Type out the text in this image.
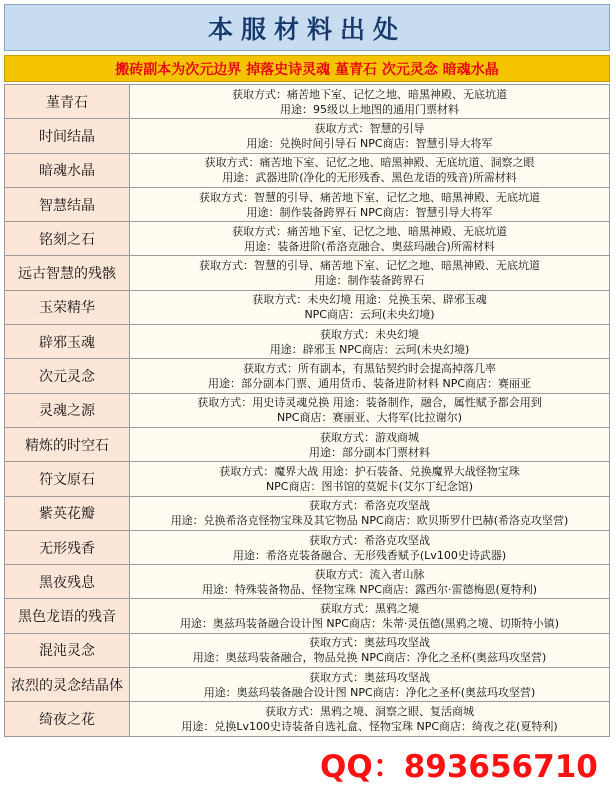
本服材料出处
搬砖副本为次元边界 掉落史诗灵魂 堇青石 次元灵念 暗魂水晶
堇青石
获取方式：痛苦地下室、记忆之地、暗黑神殿、无底坑道
用途：95级以上地图的通用门票材料
时间结晶
获取方式：智慧的引导
用途：兑换时间引导石 NPC商店：智慧引导大将军
暗魂水晶
获取方式：痛苦地下室、记忆之地、暗黑神殿、无底坑道、洞察之眼
用途：武器进阶(净化的无形残香、黑色龙语的残音)所需材料
智慧结晶
获取方式：智慧的引导、痛苦地下室、记忆之地、暗黑神殿、无底坑道
用途：制作装备跨界石 NPC商店：智慧引导大将军
铭刻之石
获取方式：痛苦地下室、记忆之地、暗黑神殿、无底坑道
用途：装备进阶(希洛克融合、奥兹玛融合)所需材料
远古智慧的残骸
获取方式：智慧的引导、痛苦地下室、记忆之地、暗黑神殿、无底坑道
用途：制作装备跨界石
玉荣精华
获取方式：未央幻境 用途：兑换玉荣、辟邪玉魂
NPC商店：云珂(未央幻境)
辟邪玉魂
获取方式：未央幻境
用途：辟邪玉 NPC商店：云珂(未央幻境)
次元灵念
获取方式：所有副本，有黑钻契约时会提高掉落几率
用途：部分副本门票、通用货币、装备进阶材料 NPC商店：赛丽亚
灵魂之源
获取方式：用史诗灵魂兑换 用途：装备制作，融合，属性赋予都会用到
NPC商店：赛丽亚、大将军(比拉谢尔)
精炼的时空石
获取方式：游戏商城
用途：部分副本门票材料
符文原石
获取方式：魔界大战 用途：护石装备、兑换魔界大战怪物宝珠
NPC商店：图书馆的莫妮卡(艾尔丁纪念馆)
紫英花瓣
获取方式：希洛克攻坚战
用途：兑换希洛克怪物宝珠及其它物品 NPC商店：欧贝斯罗什巴赫(希洛克攻坚营)
无形残香
获取方式：希洛克攻坚战
用途：希洛克装备融合、无形残香赋予(Lv100史诗武器)
黑夜残息
获取方式：流入者山脉
用途：特殊装备物品、怪物宝珠 NPC商店：露西尔·雷德梅恩(夏特利)
黑色龙语的残音
获取方式：黑鸦之境
用途：奥兹玛装备融合设计图 NPC商店：朱蒂·灵伍德(黑鸦之境、切斯特小镇)
混沌灵念
获取方式：奥兹玛攻坚战
用途：奥兹玛装备融合，物品兑换 NPC商店：净化之圣杯(奥兹玛攻坚营)
浓烈的灵念结晶体
获取方式：奥兹玛攻坚战
用途：奥兹玛装备融合设计图 NPC商店：净化之圣杯(奥兹玛攻坚营)
绮夜之花
获取方式：黑鸦之境、洞察之眼、复活商城
用途：兑换Lv100史诗装备自选礼盒、怪物宝珠 NPC商店：绮夜之花(夏特利)
QQ：893656710
